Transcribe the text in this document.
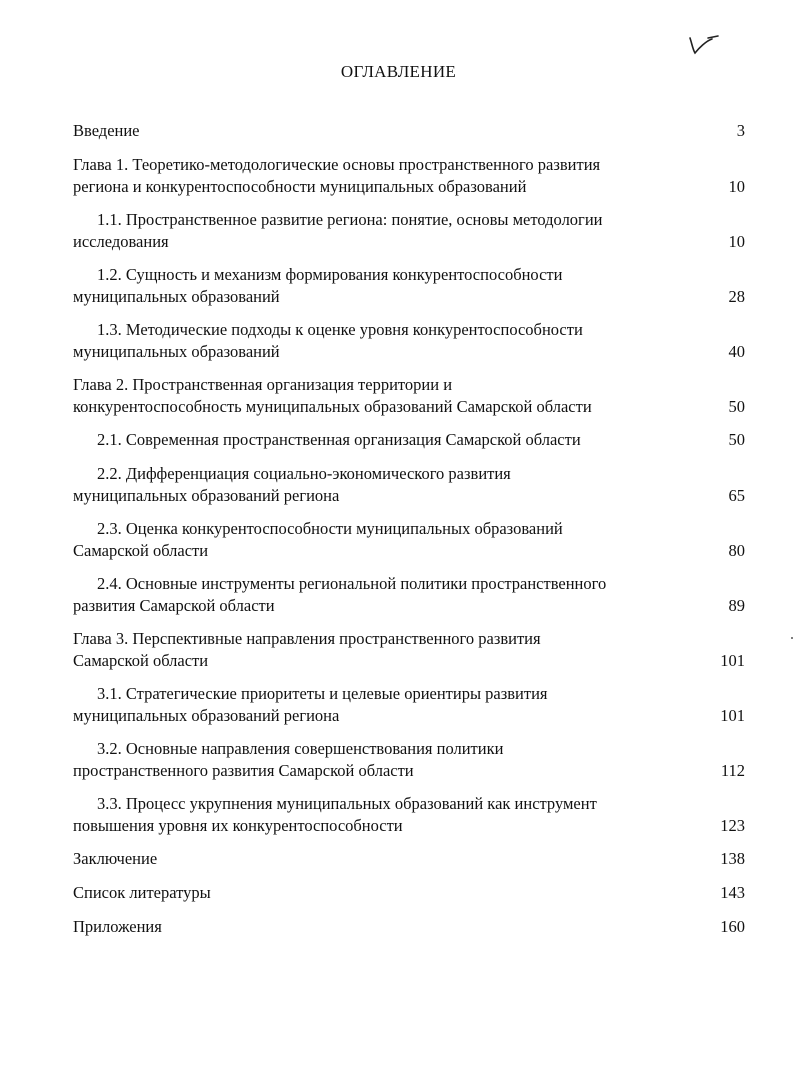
ОГЛАВЛЕНИЕ
Введение	3
Глава 1. Теоретико-методологические основы пространственного развития
региона и конкурентоспособности муниципальных образований	10
1.1. Пространственное развитие региона: понятие, основы методологии
исследования	10
1.2. Сущность и механизм формирования конкурентоспособности
муниципальных образований	28
1.3. Методические подходы к оценке уровня конкурентоспособности
муниципальных образований	40
Глава 2. Пространственная организация территории и
конкурентоспособность муниципальных образований Самарской области	50
2.1. Современная пространственная организация Самарской области	50
2.2. Дифференциация социально-экономического развития
муниципальных образований региона	65
2.3. Оценка конкурентоспособности муниципальных образований
Самарской области	80
2.4. Основные инструменты региональной политики пространственного
развития Самарской области	89
Глава 3. Перспективные направления пространственного развития
Самарской области	101
3.1. Стратегические приоритеты и целевые ориентиры развития
муниципальных образований региона	101
3.2. Основные направления совершенствования политики
пространственного развития Самарской области	112
3.3. Процесс укрупнения муниципальных образований как инструмент
повышения уровня их конкурентоспособности	123
Заключение	138
Список литературы	143
Приложения	160
